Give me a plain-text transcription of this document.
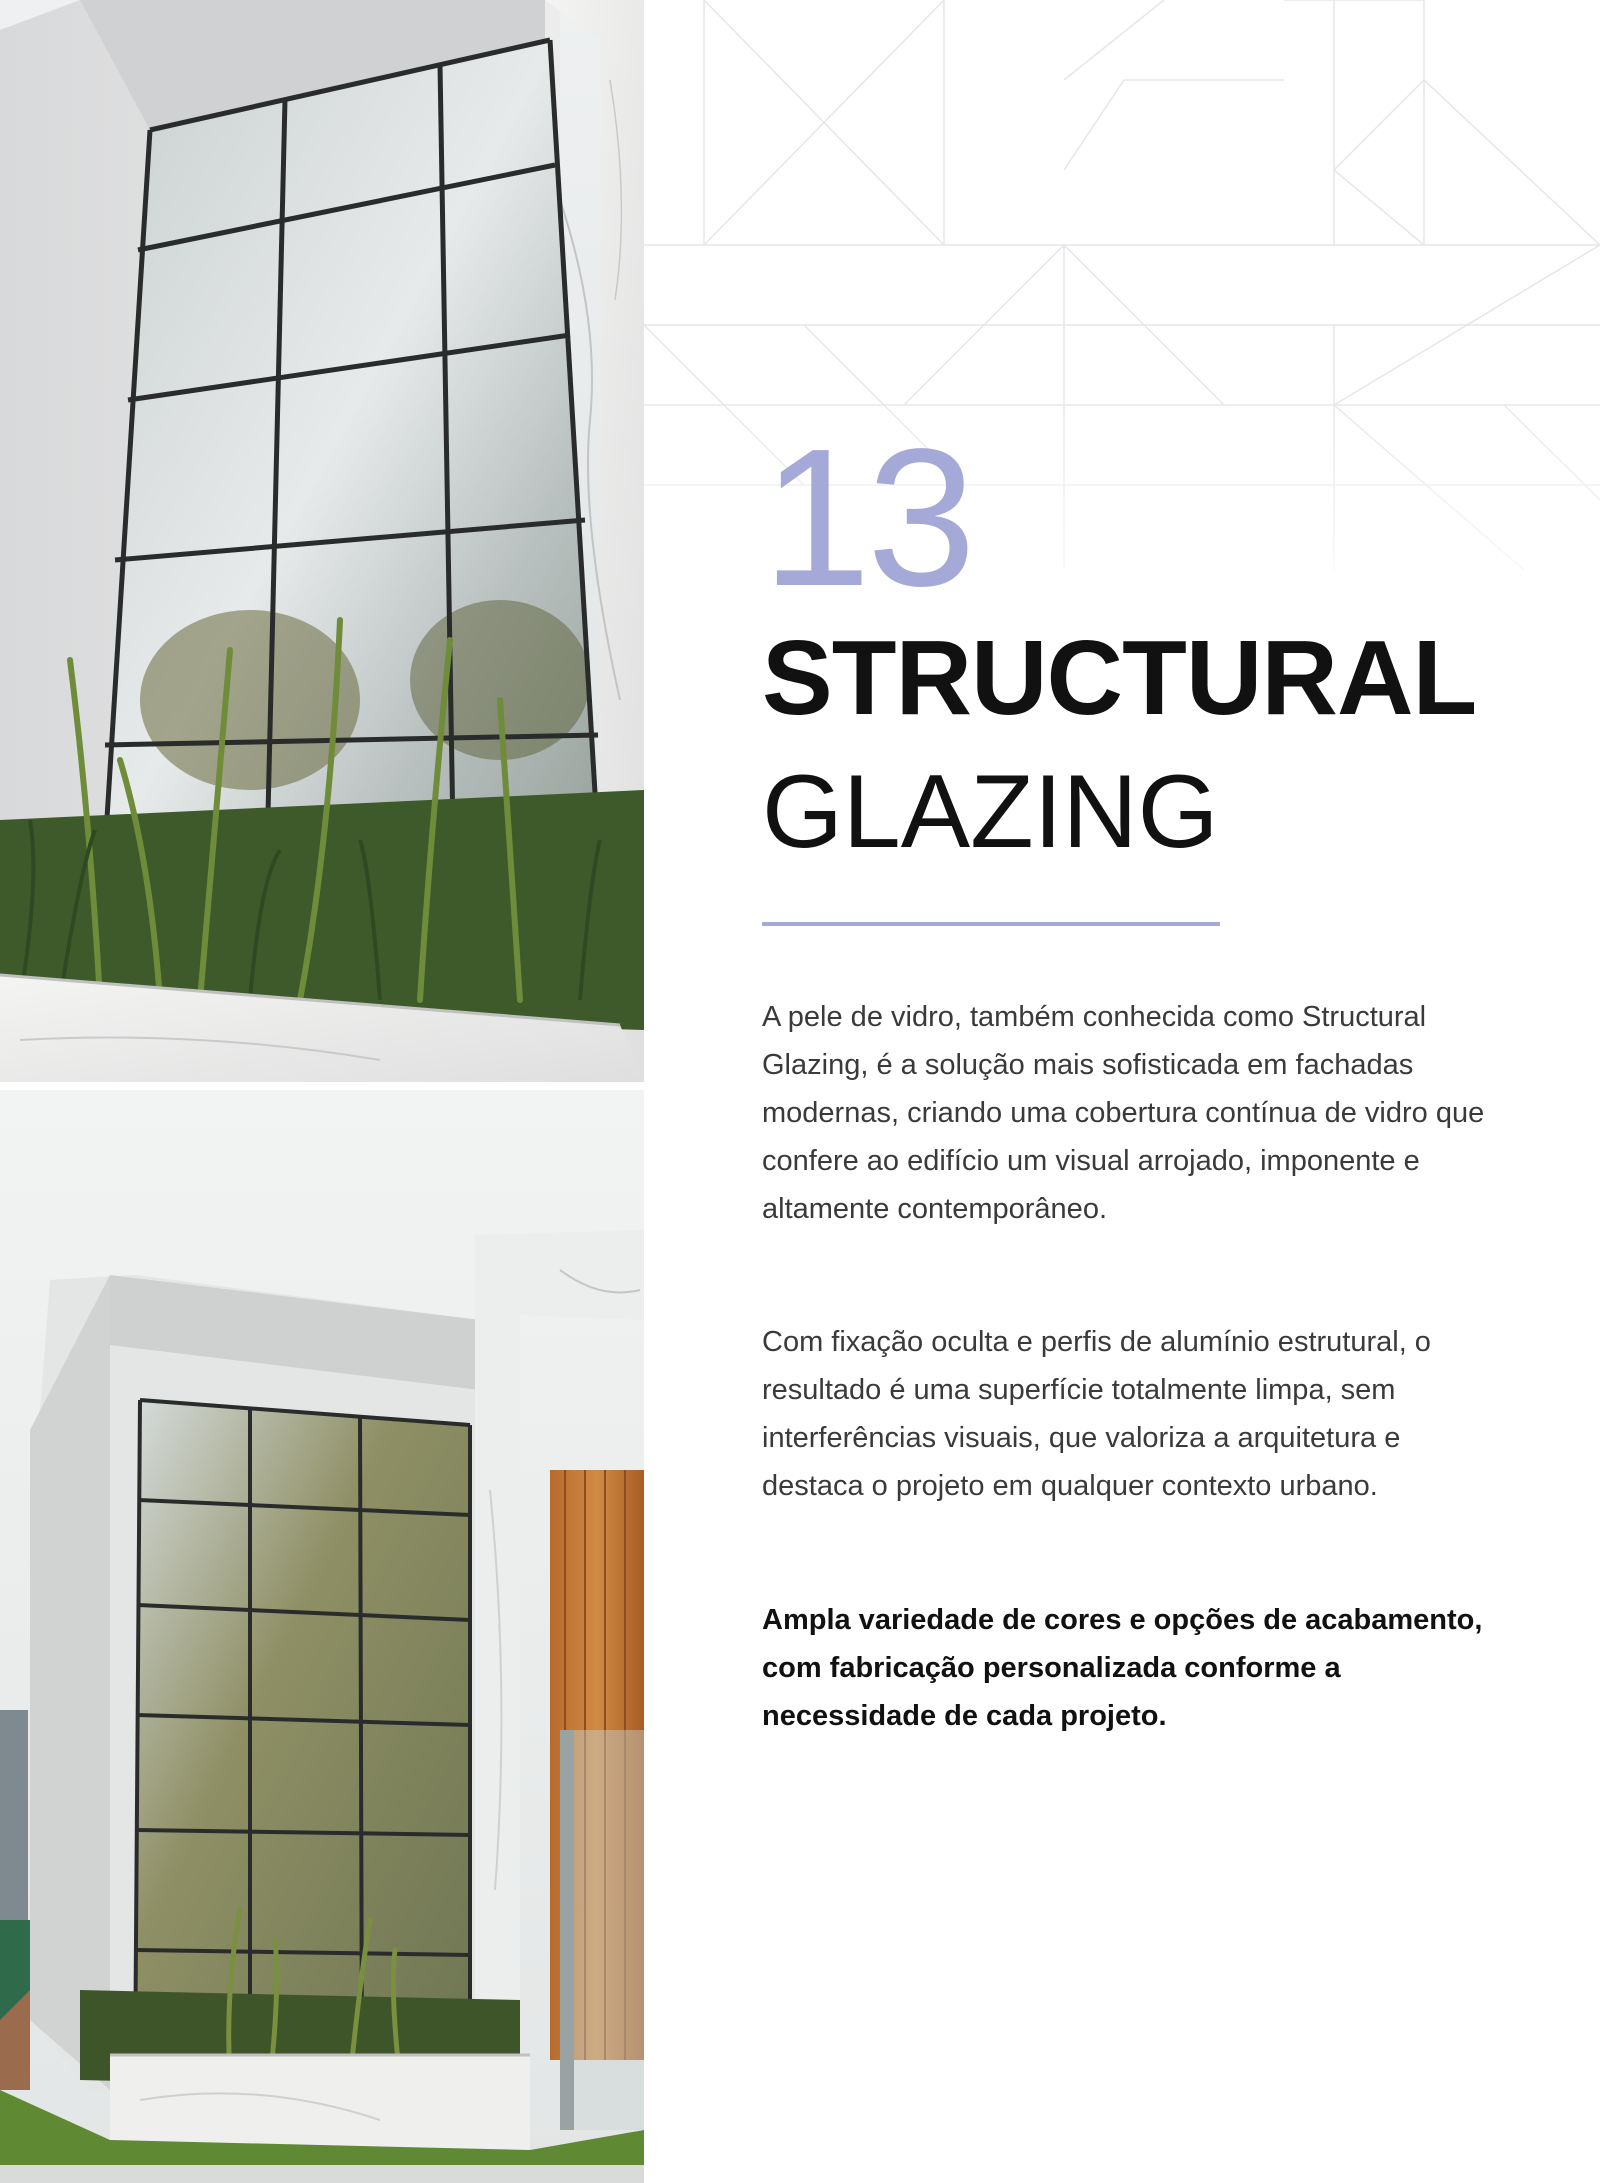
13
STRUCTURAL
GLAZING

A pele de vidro, também conhecida como Structural Glazing, é a solução mais sofisticada em fachadas modernas, criando uma cobertura contínua de vidro que confere ao edifício um visual arrojado, imponente e altamente contemporâneo.

Com fixação oculta e perfis de alumínio estrutural, o resultado é uma superfície totalmente limpa, sem interferências visuais, que valoriza a arquitetura e destaca o projeto em qualquer contexto urbano.

Ampla variedade de cores e opções de acabamento, com fabricação personalizada conforme a necessidade de cada projeto.
